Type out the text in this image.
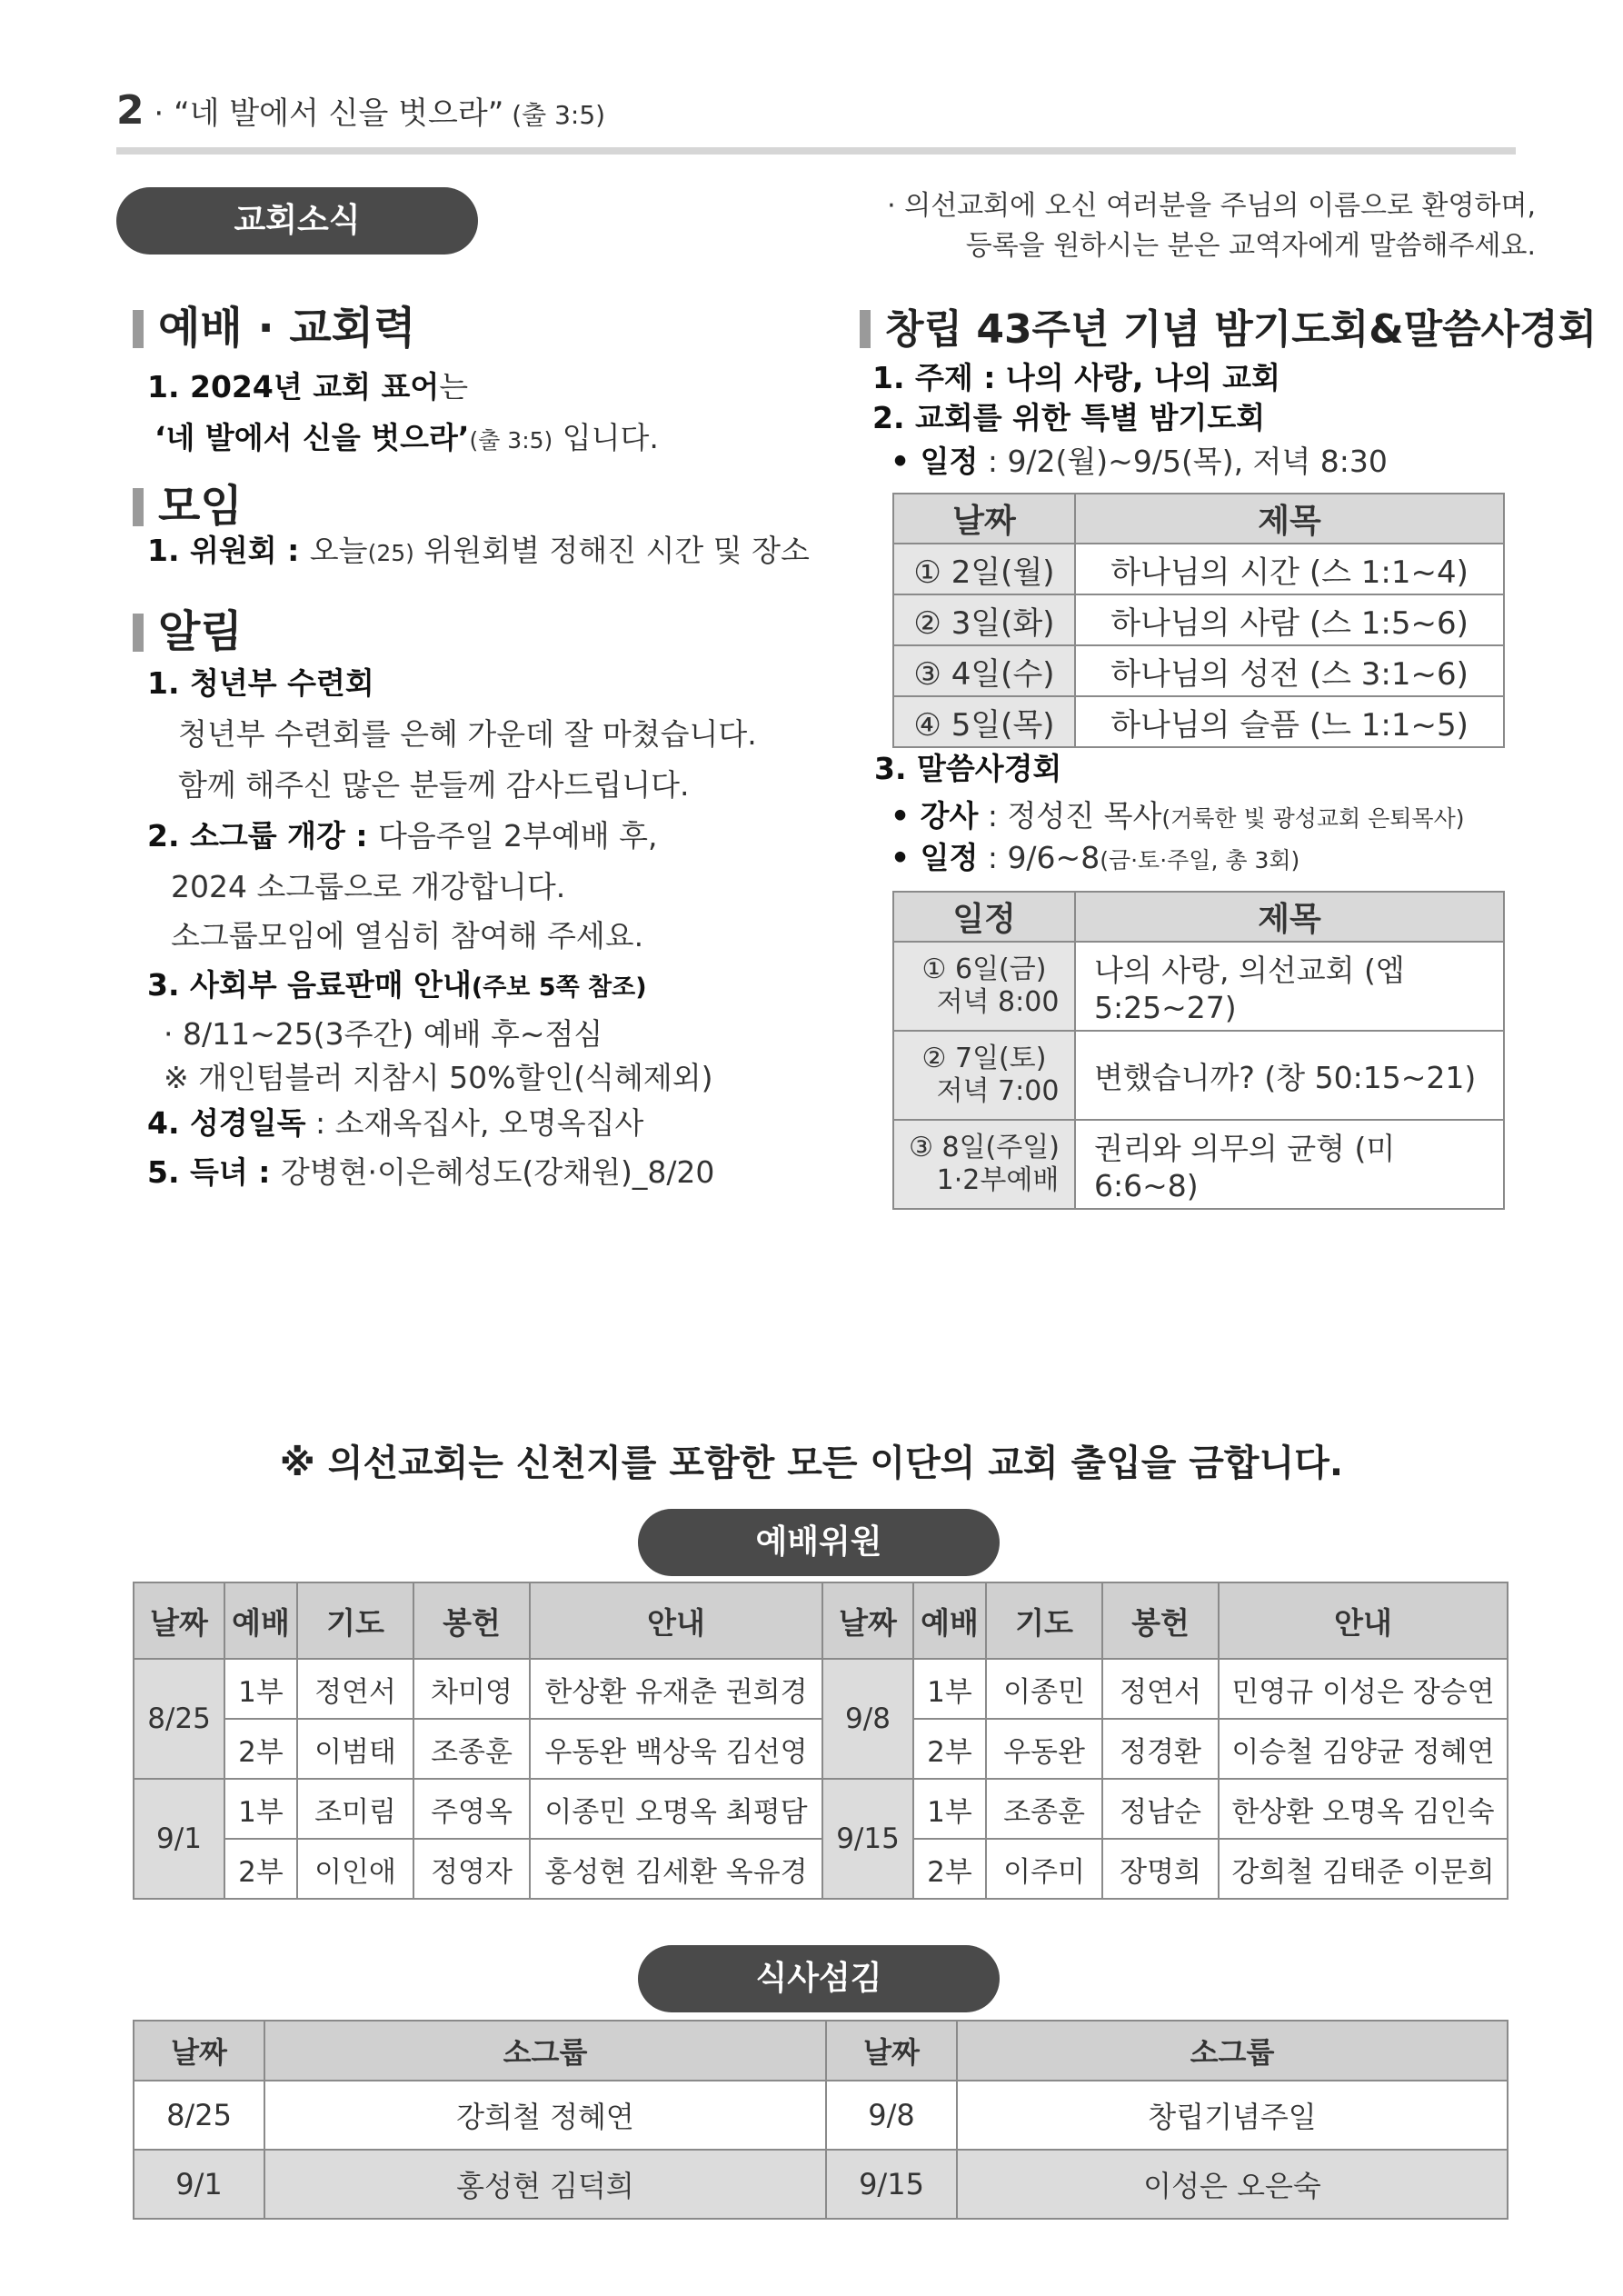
2 · “네 발에서 신을 벗으라” (출 3:5)
교회소식	· 의선교회에 오신 여러분을 주님의 이름으로 환영하며,
등록을 원하시는 분은 교역자에게 말씀해주세요.
예배 · 교회력
1. 2024년 교회 표어는
‘네 발에서 신을 벗으라’(출 3:5) 입니다.
모임
1. 위원회 : 오늘(25) 위원회별 정해진 시간 및 장소
알림
1. 청년부 수련회
청년부 수련회를 은혜 가운데 잘 마쳤습니다.
함께 해주신 많은 분들께 감사드립니다.
2. 소그룹 개강 : 다음주일 2부예배 후,
2024 소그룹으로 개강합니다.
소그룹모임에 열심히 참여해 주세요.
3. 사회부 음료판매 안내(주보 5쪽 참조)
· 8/11~25(3주간) 예배 후~점심
※ 개인텀블러 지참시 50%할인(식혜제외)
4. 성경일독 : 소재옥집사, 오명옥집사
5. 득녀 : 강병현·이은혜성도(강채원)_8/20
창립 43주년 기념 밤기도회&말씀사경회
1. 주제 : 나의 사랑, 나의 교회
2. 교회를 위한 특별 밤기도회
• 일정 : 9/2(월)~9/5(목), 저녁 8:30
날짜	제목
① 2일(월)	하나님의 시간 (스 1:1~4)
② 3일(화)	하나님의 사람 (스 1:5~6)
③ 4일(수)	하나님의 성전 (스 3:1~6)
④ 5일(목)	하나님의 슬픔 (느 1:1~5)
3. 말씀사경회
• 강사 : 정성진 목사(거룩한 빛 광성교회 은퇴목사)
• 일정 : 9/6~8(금·토·주일, 총 3회)
일정	제목

① 6일(금)
저녁 8:00	나의 사랑, 의선교회 (엡 5:25~27)

② 7일(토)
저녁 7:00	변했습니까? (창 50:15~21)

③ 8일(주일)
1·2부예배	권리와 의무의 균형 (미 6:6~8)
※ 의선교회는 신천지를 포함한 모든 이단의 교회 출입을 금합니다.
예배위원
날짜	예배	기도	봉헌	안내	날짜	예배	기도	봉헌	안내
8/25	1부	정연서	차미영	한상환 유재춘 권희경	9/8	1부	이종민	정연서	민영규 이성은 장승연
	2부	이범태	조종훈	우동완 백상욱 김선영		2부	우동완	정경환	이승철 김양균 정혜연
9/1	1부	조미림	주영옥	이종민 오명옥 최평담	9/15	1부	조종훈	정남순	한상환 오명옥 김인숙
	2부	이인애	정영자	홍성현 김세환 옥유경		2부	이주미	장명희	강희철 김태준 이문희
식사섬김
날짜	소그룹	날짜	소그룹
8/25	강희철 정혜연	9/8	창립기념주일
9/1	홍성현 김덕희	9/15	이성은 오은숙
